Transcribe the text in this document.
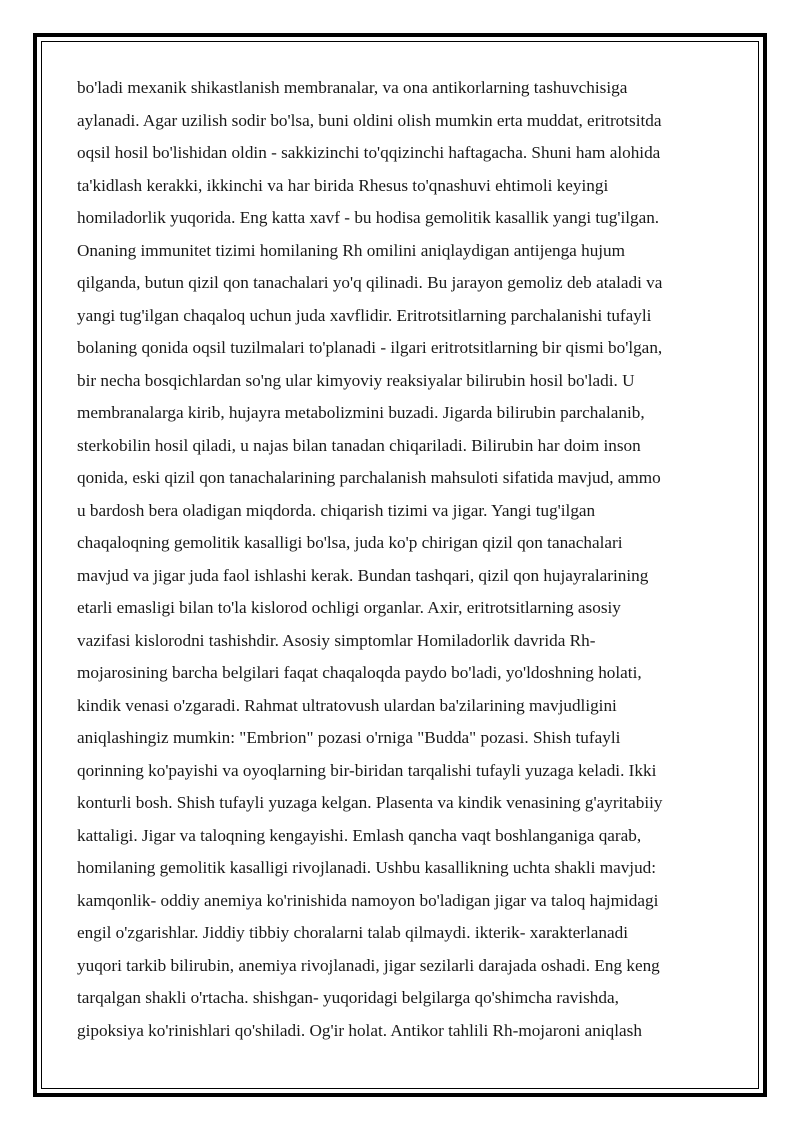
bo'ladi mexanik shikastlanish membranalar, va ona antikorlarning tashuvchisiga
aylanadi. Agar uzilish sodir bo'lsa, buni oldini olish mumkin erta muddat, eritrotsitda
oqsil hosil bo'lishidan oldin - sakkizinchi to'qqizinchi haftagacha. Shuni ham alohida
ta'kidlash kerakki, ikkinchi va har birida Rhesus to'qnashuvi ehtimoli keyingi
homiladorlik yuqorida. Eng katta xavf - bu hodisa gemolitik kasallik yangi tug'ilgan.
Onaning immunitet tizimi homilaning Rh omilini aniqlaydigan antijenga hujum
qilganda, butun qizil qon tanachalari yo'q qilinadi. Bu jarayon gemoliz deb ataladi va
yangi tug'ilgan chaqaloq uchun juda xavflidir. Eritrotsitlarning parchalanishi tufayli
bolaning qonida oqsil tuzilmalari to'planadi - ilgari eritrotsitlarning bir qismi bo'lgan,
bir necha bosqichlardan so'ng ular kimyoviy reaksiyalar bilirubin hosil bo'ladi. U
membranalarga kirib, hujayra metabolizmini buzadi. Jigarda bilirubin parchalanib,
sterkobilin hosil qiladi, u najas bilan tanadan chiqariladi. Bilirubin har doim inson
qonida, eski qizil qon tanachalarining parchalanish mahsuloti sifatida mavjud, ammo
u bardosh bera oladigan miqdorda. chiqarish tizimi va jigar. Yangi tug'ilgan
chaqaloqning gemolitik kasalligi bo'lsa, juda ko'p chirigan qizil qon tanachalari
mavjud va jigar juda faol ishlashi kerak. Bundan tashqari, qizil qon hujayralarining
etarli emasligi bilan to'la kislorod ochligi organlar. Axir, eritrotsitlarning asosiy
vazifasi kislorodni tashishdir. Asosiy simptomlar Homiladorlik davrida Rh-
mojarosining barcha belgilari faqat chaqaloqda paydo bo'ladi, yo'ldoshning holati,
kindik venasi o'zgaradi. Rahmat ultratovush ulardan ba'zilarining mavjudligini
aniqlashingiz mumkin: "Embrion" pozasi o'rniga "Budda" pozasi. Shish tufayli
qorinning ko'payishi va oyoqlarning bir-biridan tarqalishi tufayli yuzaga keladi. Ikki
konturli bosh. Shish tufayli yuzaga kelgan. Plasenta va kindik venasining g'ayritabiiy
kattaligi. Jigar va taloqning kengayishi. Emlash qancha vaqt boshlanganiga qarab,
homilaning gemolitik kasalligi rivojlanadi. Ushbu kasallikning uchta shakli mavjud:
kamqonlik- oddiy anemiya ko'rinishida namoyon bo'ladigan jigar va taloq hajmidagi
engil o'zgarishlar. Jiddiy tibbiy choralarni talab qilmaydi. ikterik- xarakterlanadi
yuqori tarkib bilirubin, anemiya rivojlanadi, jigar sezilarli darajada oshadi. Eng keng
tarqalgan shakli o'rtacha. shishgan- yuqoridagi belgilarga qo'shimcha ravishda,
gipoksiya ko'rinishlari qo'shiladi. Og'ir holat. Antikor tahlili Rh-mojaroni aniqlash
